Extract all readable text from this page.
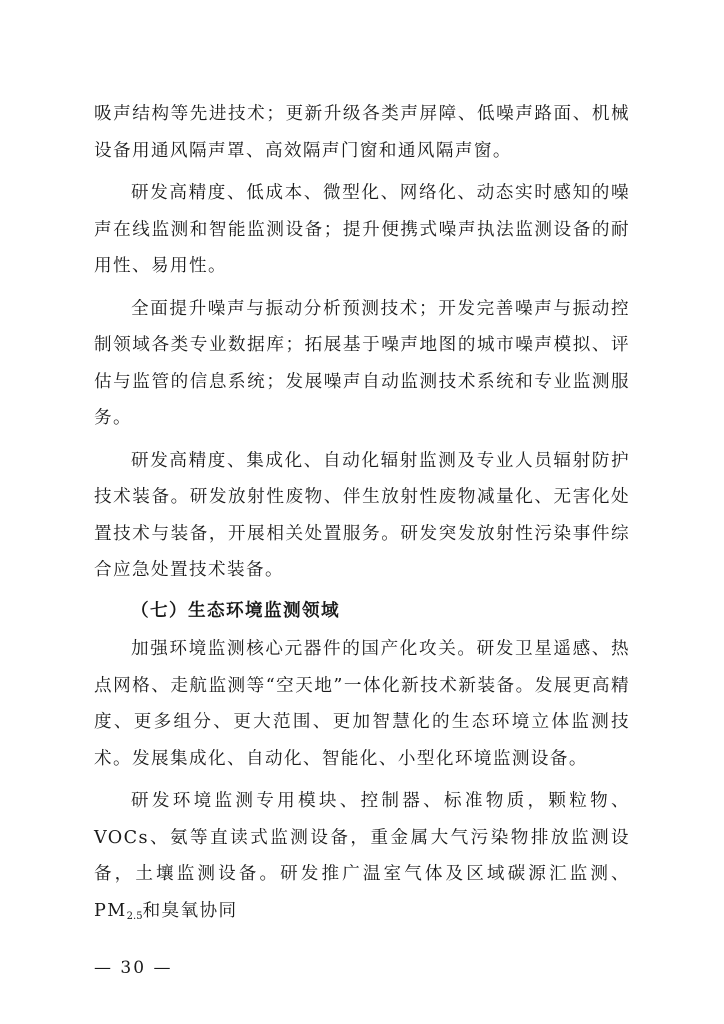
吸声结构等先进技术；更新升级各类声屏障、低噪声路面、机械设备用通风隔声罩、高效隔声门窗和通风隔声窗。

研发高精度、低成本、微型化、网络化、动态实时感知的噪声在线监测和智能监测设备；提升便携式噪声执法监测设备的耐用性、易用性。

全面提升噪声与振动分析预测技术；开发完善噪声与振动控制领域各类专业数据库；拓展基于噪声地图的城市噪声模拟、评估与监管的信息系统；发展噪声自动监测技术系统和专业监测服务。

研发高精度、集成化、自动化辐射监测及专业人员辐射防护技术装备。研发放射性废物、伴生放射性废物减量化、无害化处置技术与装备，开展相关处置服务。研发突发放射性污染事件综合应急处置技术装备。

（七）生态环境监测领域

加强环境监测核心元器件的国产化攻关。研发卫星遥感、热点网格、走航监测等“空天地”一体化新技术新装备。发展更高精度、更多组分、更大范围、更加智慧化的生态环境立体监测技术。发展集成化、自动化、智能化、小型化环境监测设备。

研发环境监测专用模块、控制器、标准物质，颗粒物、VOCs、氨等直读式监测设备，重金属大气污染物排放监测设备，土壤监测设备。研发推广温室气体及区域碳源汇监测、$PM_{2.5}$和臭氧协同

— 30 —
